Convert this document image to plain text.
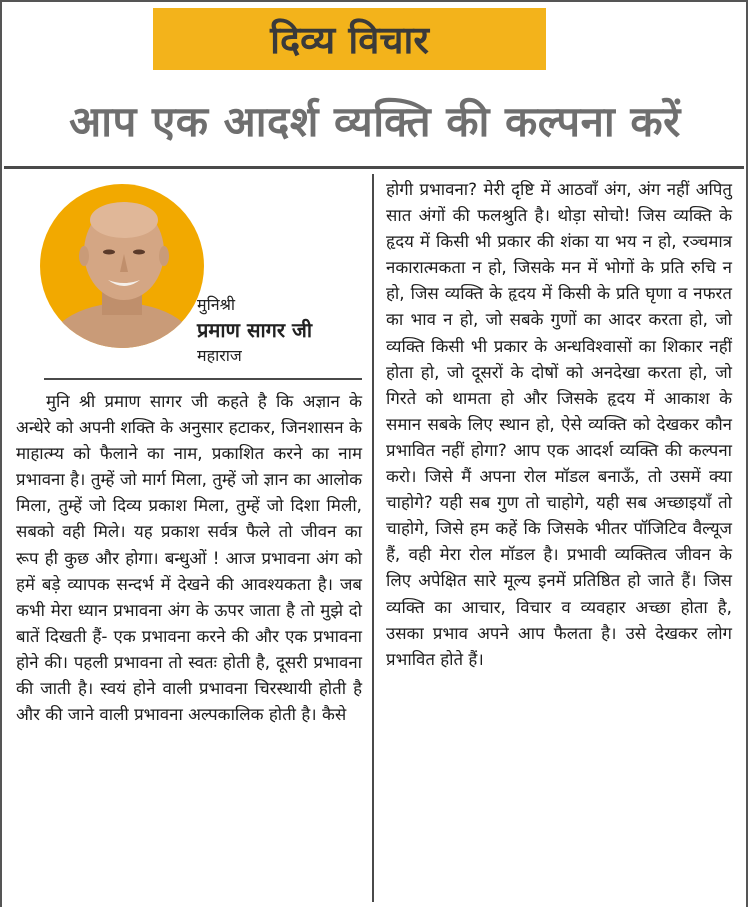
दिव्य विचार
आप एक आदर्श व्यक्ति की कल्पना करें
मुनिश्री
प्रमाण सागर जी
महाराज
मुनि श्री प्रमाण सागर जी कहते है कि अज्ञान के अन्धेरे को अपनी शक्ति के अनुसार हटाकर, जिनशासन के माहात्म्य को फैलाने का नाम, प्रकाशित करने का नाम प्रभावना है। तुम्हें जो मार्ग मिला, तुम्हें जो ज्ञान का आलोक मिला, तुम्हें जो दिव्य प्रकाश मिला, तुम्हें जो दिशा मिली, सबको वही मिले। यह प्रकाश सर्वत्र फैले तो जीवन का रूप ही कुछ और होगा। बन्धुओं ! आज प्रभावना अंग को हमें बड़े व्यापक सन्दर्भ में देखने की आवश्यकता है। जब कभी मेरा ध्यान प्रभावना अंग के ऊपर जाता है तो मुझे दो बातें दिखती हैं- एक प्रभावना करने की और एक प्रभावना होने की। पहली प्रभावना तो स्वतः होती है, दूसरी प्रभावना की जाती है। स्वयं होने वाली प्रभावना चिरस्थायी होती है और की जाने वाली प्रभावना अल्पकालिक होती है। कैसे
होगी प्रभावना? मेरी दृष्टि में आठवाँ अंग, अंग नहीं अपितु सात अंगों की फलश्रुति है। थोड़ा सोचो! जिस व्यक्ति के हृदय में किसी भी प्रकार की शंका या भय न हो, रञ्चमात्र नकारात्मकता न हो, जिसके मन में भोगों के प्रति रुचि न हो, जिस व्यक्ति के हृदय में किसी के प्रति घृणा व नफरत का भाव न हो, जो सबके गुणों का आदर करता हो, जो व्यक्ति किसी भी प्रकार के अन्धविश्वासों का शिकार नहीं होता हो, जो दूसरों के दोषों को अनदेखा करता हो, जो गिरते को थामता हो और जिसके हृदय में आकाश के समान सबके लिए स्थान हो, ऐसे व्यक्ति को देखकर कौन प्रभावित नहीं होगा? आप एक आदर्श व्यक्ति की कल्पना करो। जिसे मैं अपना रोल मॉडल बनाऊँ, तो उसमें क्या चाहोगे? यही सब गुण तो चाहोगे, यही सब अच्छाइयाँ तो चाहोगे, जिसे हम कहें कि जिसके भीतर पॉजिटिव वैल्यूज हैं, वही मेरा रोल मॉडल है। प्रभावी व्यक्तित्व जीवन के लिए अपेक्षित सारे मूल्य इनमें प्रतिष्ठित हो जाते हैं। जिस व्यक्ति का आचार, विचार व व्यवहार अच्छा होता है, उसका प्रभाव अपने आप फैलता है। उसे देखकर लोग प्रभावित होते हैं।
